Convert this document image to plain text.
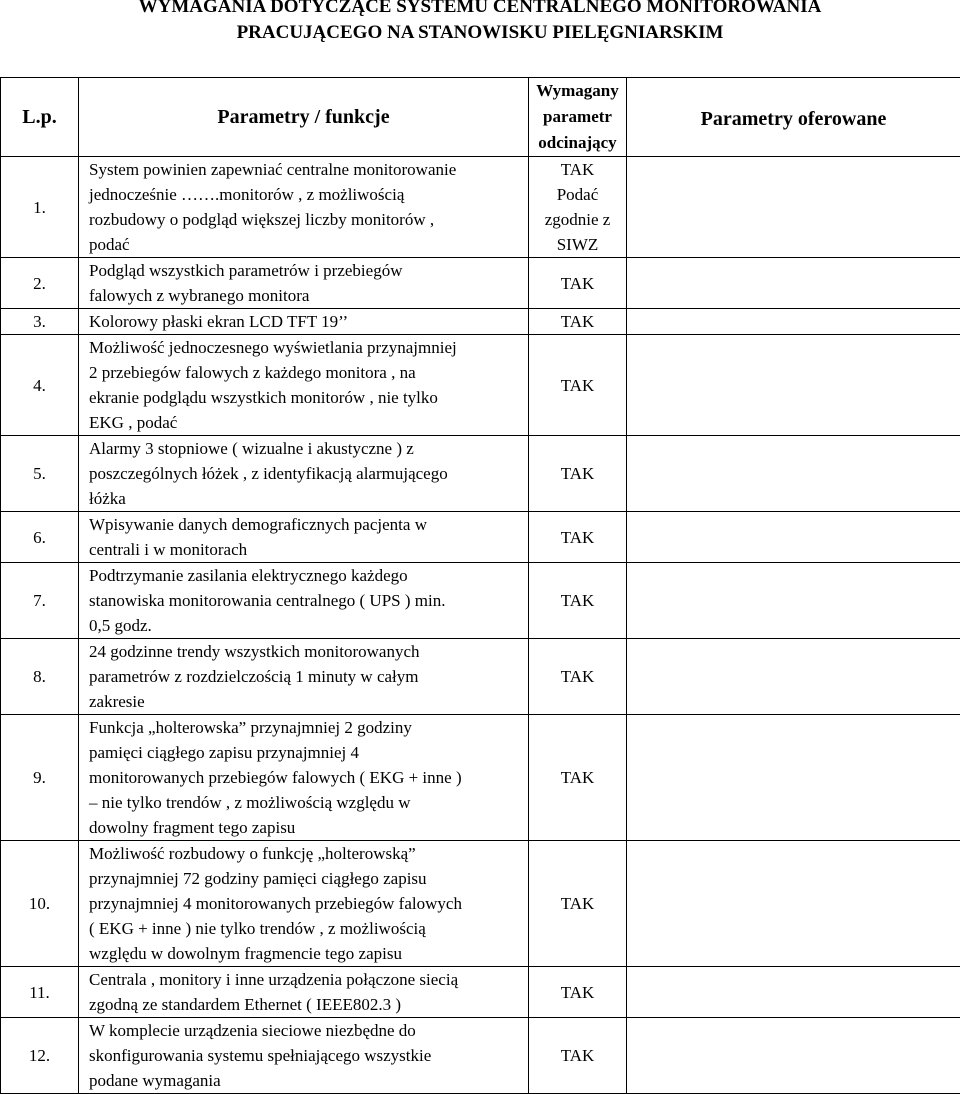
WYMAGANIA DOTYCZĄCE SYSTEMU CENTRALNEGO MONITOROWANIA
PRACUJĄCEGO NA STANOWISKU PIELĘGNIARSKIM
L.p.	Parametry / funkcje	Wymagany
parametr
odcinający	Parametry oferowane
1.	System powinien zapewniać centralne monitorowanie
jednocześnie …….monitorów , z możliwością
rozbudowy o podgląd większej liczby monitorów ,
podać	TAK
Podać
zgodnie z
SIWZ	

2.	Podgląd wszystkich parametrów i przebiegów
falowych z wybranego monitora	TAK	

3.	Kolorowy płaski ekran LCD TFT 19’’	TAK	

4.	Możliwość jednoczesnego wyświetlania przynajmniej
2 przebiegów falowych z każdego monitora , na
ekranie podglądu wszystkich monitorów , nie tylko
EKG , podać	TAK	

5.	Alarmy 3 stopniowe ( wizualne i akustyczne ) z
poszczególnych łóżek , z identyfikacją alarmującego
łóżka	TAK	

6.	Wpisywanie danych demograficznych pacjenta w
centrali i w monitorach	TAK	

7.	Podtrzymanie zasilania elektrycznego każdego
stanowiska monitorowania centralnego ( UPS ) min.
0,5 godz.	TAK	

8.	24 godzinne trendy wszystkich monitorowanych
parametrów z rozdzielczością 1 minuty w całym
zakresie	TAK	

9.	Funkcja „holterowska” przynajmniej 2 godziny
pamięci ciągłego zapisu przynajmniej 4
monitorowanych przebiegów falowych ( EKG + inne )
– nie tylko trendów , z możliwością względu w
dowolny fragment tego zapisu	TAK	

10.	Możliwość rozbudowy o funkcję „holterowską”
przynajmniej 72 godziny pamięci ciągłego zapisu
przynajmniej 4 monitorowanych przebiegów falowych
( EKG + inne ) nie tylko trendów , z możliwością
względu w dowolnym fragmencie tego zapisu	TAK	

11.	Centrala , monitory i inne urządzenia połączone siecią
zgodną ze standardem Ethernet ( IEEE802.3 )	TAK	

12.	W komplecie urządzenia sieciowe niezbędne do
skonfigurowania systemu spełniającego wszystkie
podane wymagania	TAK	
